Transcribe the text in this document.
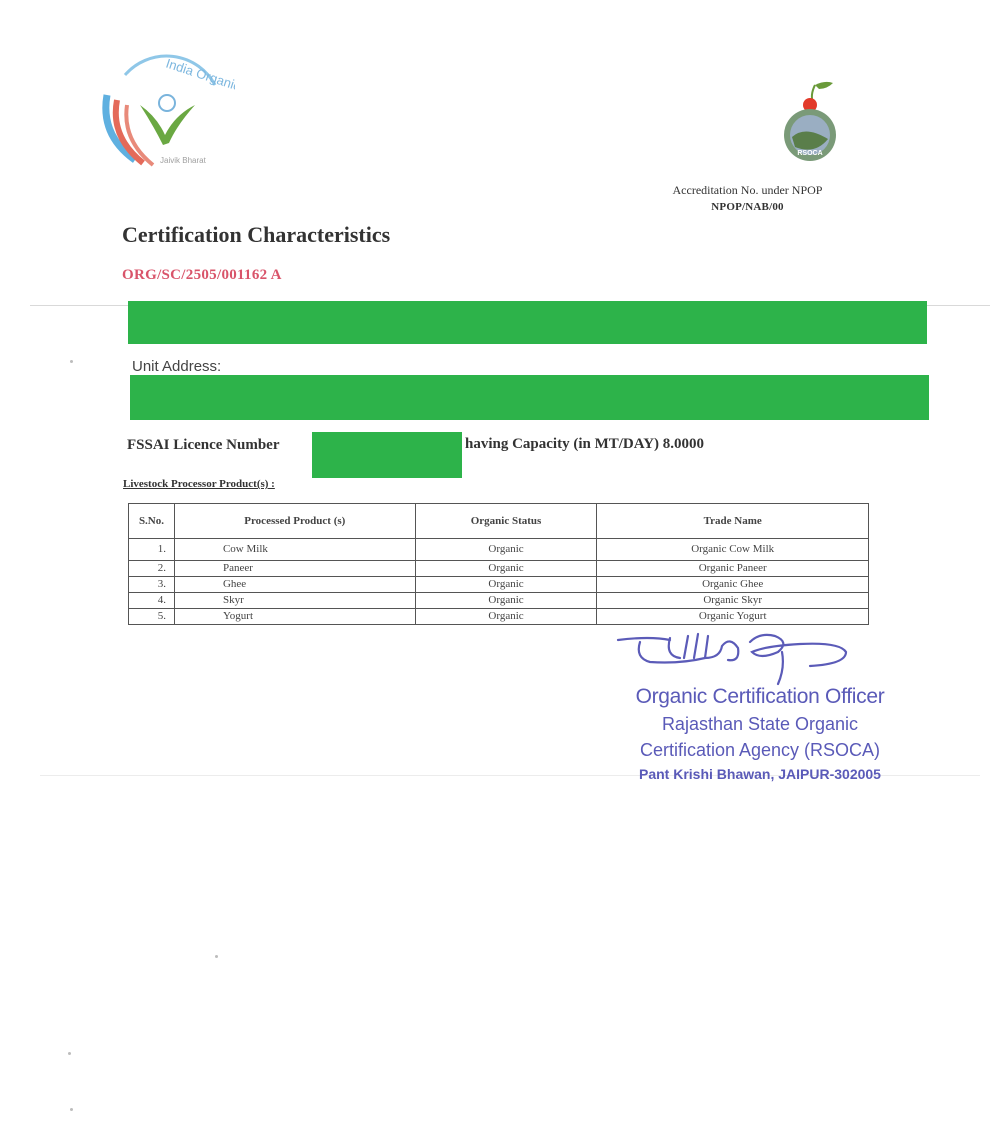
India Organic
Jaivik Bharat
RSOCA
Accreditation No. under NPOP
NPOP/NAB/00
Certification Characteristics
ORG/SC/2505/001162 A
Unit Address:
FSSAI Licence Number	having Capacity (in MT/DAY) 8.0000
Livestock Processor Product(s) :
S.No.	Processed Product (s)	Organic Status	Trade Name
1.	Cow Milk	Organic	Organic Cow Milk
2.	Paneer	Organic	Organic Paneer
3.	Ghee	Organic	Organic Ghee
4.	Skyr	Organic	Organic Skyr
5.	Yogurt	Organic	Organic Yogurt
Organic Certification Officer
Rajasthan State Organic
Certification Agency (RSOCA)
Pant Krishi Bhawan, JAIPUR-302005
